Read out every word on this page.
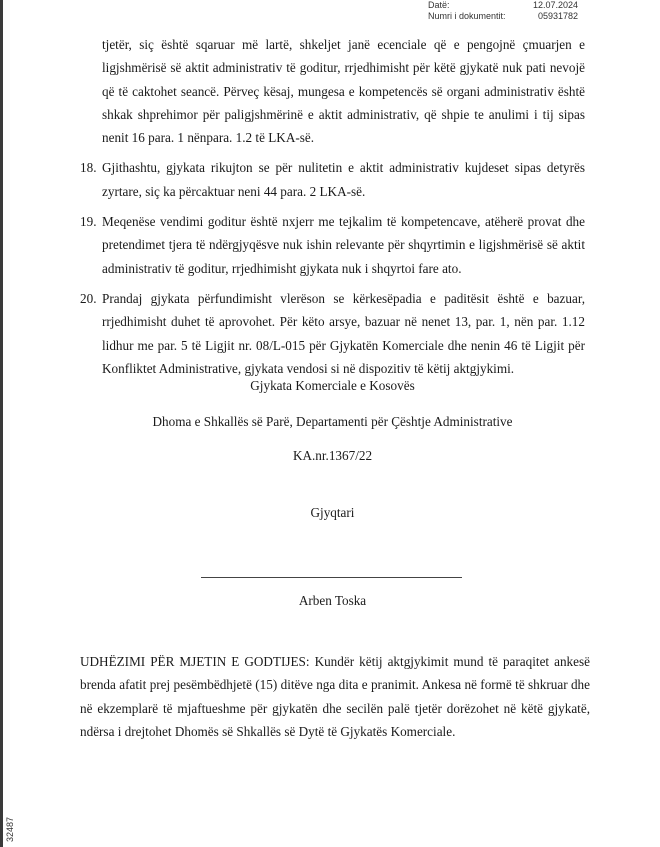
Datë:	12.07.2024
Numri i dokumentit:	05931782

tjetër, siç është sqaruar më lartë, shkeljet janë ecenciale që e pengojnë çmuarjen e ligjshmërisë së aktit administrativ të goditur, rrjedhimisht për këtë gjykatë nuk pati nevojë që të caktohet seancë. Përveç kësaj, mungesa e kompetencës së organi administrativ është shkak shprehimor për paligjshmërinë e aktit administrativ, që shpie te anulimi i tij sipas nenit 16 para. 1 nënpara. 1.2 të LKA-së.

18. Gjithashtu, gjykata rikujton se për nulitetin e aktit administrativ kujdeset sipas detyrës zyrtare, siç ka përcaktuar neni 44 para. 2 LKA-së.
19. Meqenëse vendimi goditur është nxjerr me tejkalim të kompetencave, atëherë provat dhe pretendimet tjera të ndërgjyqësve nuk ishin relevante për shqyrtimin e ligjshmërisë së aktit administrativ të goditur, rrjedhimisht gjykata nuk i shqyrtoi fare ato.
20. Prandaj gjykata përfundimisht vlerëson se kërkesëpadia e paditësit është e bazuar, rrjedhimisht duhet të aprovohet. Për këto arsye, bazuar në nenet 13, par. 1, nën par. 1.12 lidhur me par. 5 të Ligjit nr. 08/L-015 për Gjykatën Komerciale dhe nenin 46 të Ligjit për Konfliktet Administrative, gjykata vendosi si në dispozitiv të këtij aktgjykimi.
Gjykata Komerciale e Kosovës
Dhoma e Shkallës së Parë, Departamenti për Çështje Administrative
KA.nr.1367/22
Gjyqtari
Arben Toska
UDHËZIMI PËR MJETIN E GODTIJES: Kundër këtij aktgjykimit mund të paraqitet ankesë brenda afatit prej pesëmbëdhjetë (15) ditëve nga dita e pranimit. Ankesa në formë të shkruar dhe në ekzemplarë të mjaftueshme për gjykatën dhe secilën palë tjetër dorëzohet në këtë gjykatë, ndërsa i drejtohet Dhomës së Shkallës së Dytë të Gjykatës Komerciale.
32487
